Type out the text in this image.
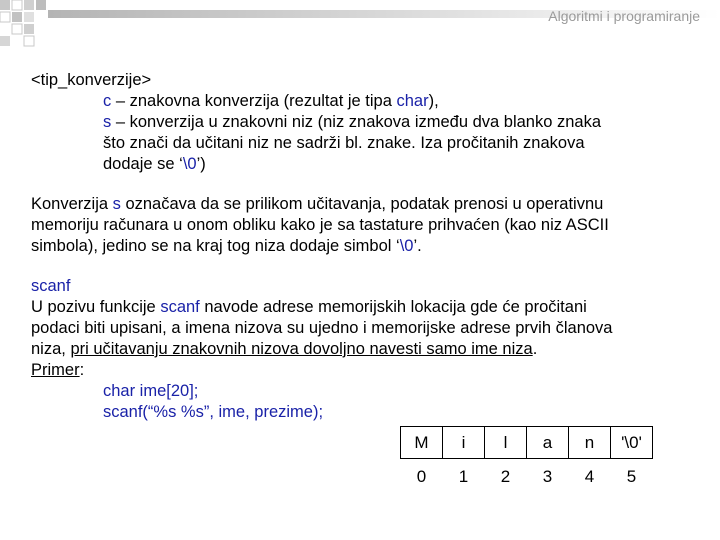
Algoritmi i programiranje
<tip_konverzije>
c – znakovna konverzija (rezultat je tipa char),
s – konverzija u znakovni niz (niz znakova između dva blanko znaka
što znači da učitani niz ne sadrži bl. znake. Iza pročitanih znakova
dodaje se ‘\0’)
Konverzija s označava da se prilikom učitavanja, podatak prenosi u operativnu
memoriju računara u onom obliku kako je sa tastature prihvaćen (kao niz ASCII
simbola), jedino se na kraj tog niza dodaje simbol ‘\0’.
scanf
U pozivu funkcije scanf navode adrese memorijskih lokacija gde će pročitani
podaci biti upisani, a imena nizova su ujedno i memorijske adrese prvih članova
niza, pri učitavanju znakovnih nizova dovoljno navesti samo ime niza.
Primer:
char ime[20];
scanf(“%s %s”, ime, prezime);
M	i	l	a	n	'\0'
0	1	2	3	4	5
